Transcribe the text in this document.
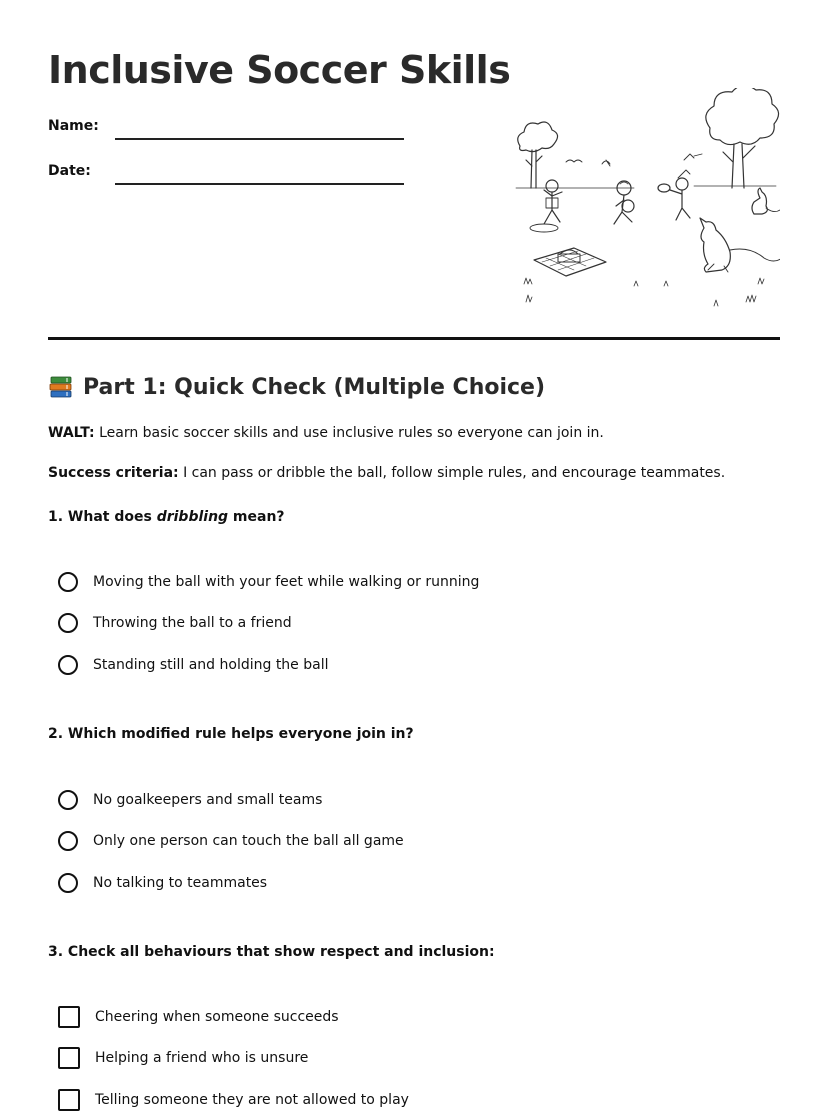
Inclusive Soccer Skills
Name:
Date:
Part 1: Quick Check (Multiple Choice)
WALT: Learn basic soccer skills and use inclusive rules so everyone can join in.
Success criteria: I can pass or dribble the ball, follow simple rules, and encourage teammates.
1. What does dribbling mean?
Moving the ball with your feet while walking or running
Throwing the ball to a friend
Standing still and holding the ball
2. Which modified rule helps everyone join in?
No goalkeepers and small teams
Only one person can touch the ball all game
No talking to teammates
3. Check all behaviours that show respect and inclusion:
Cheering when someone succeeds
Helping a friend who is unsure
Telling someone they are not allowed to play
